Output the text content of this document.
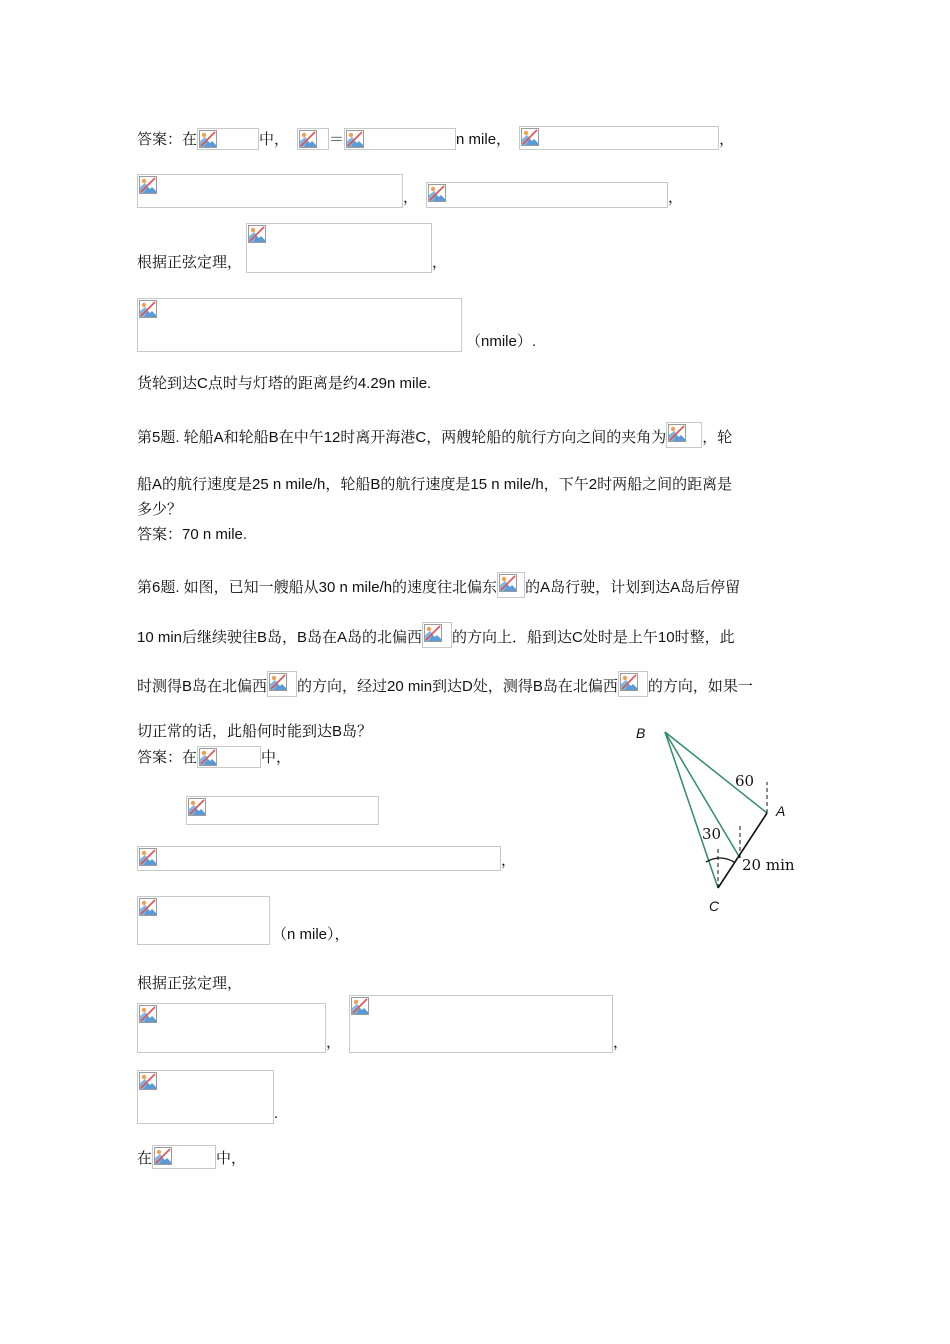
答案：在	中，	＝	n mile，	，
，	，
根据正弦定理，	，
（nmile）.
货轮到达C点时与灯塔的距离是约4.29n mile.
第5题. 轮船A和轮船B在中午12时离开海港C，两艘轮船的航行方向之间的夹角为 ，轮
船A的航行速度是25 n mile/h，轮船B的航行速度是15 n mile/h，下午2时两船之间的距离是
多少？
答案：70 n mile.
第6题. 如图，已知一艘船从30 n mile/h的速度往北偏东 的A岛行驶，计划到达A岛后停留
10 min后继续驶往B岛，B岛在A岛的北偏西 的方向上．船到达C处时是上午10时整，此
时测得B岛在北偏西 的方向，经过20 min到达D处，测得B岛在北偏西 的方向，如果一
切正常的话，此船何时能到达B岛？
答案：在	中，
，
（n mile），
根据正弦定理，
，	，
.
在	中，
B
60
A
30
20 min
C
